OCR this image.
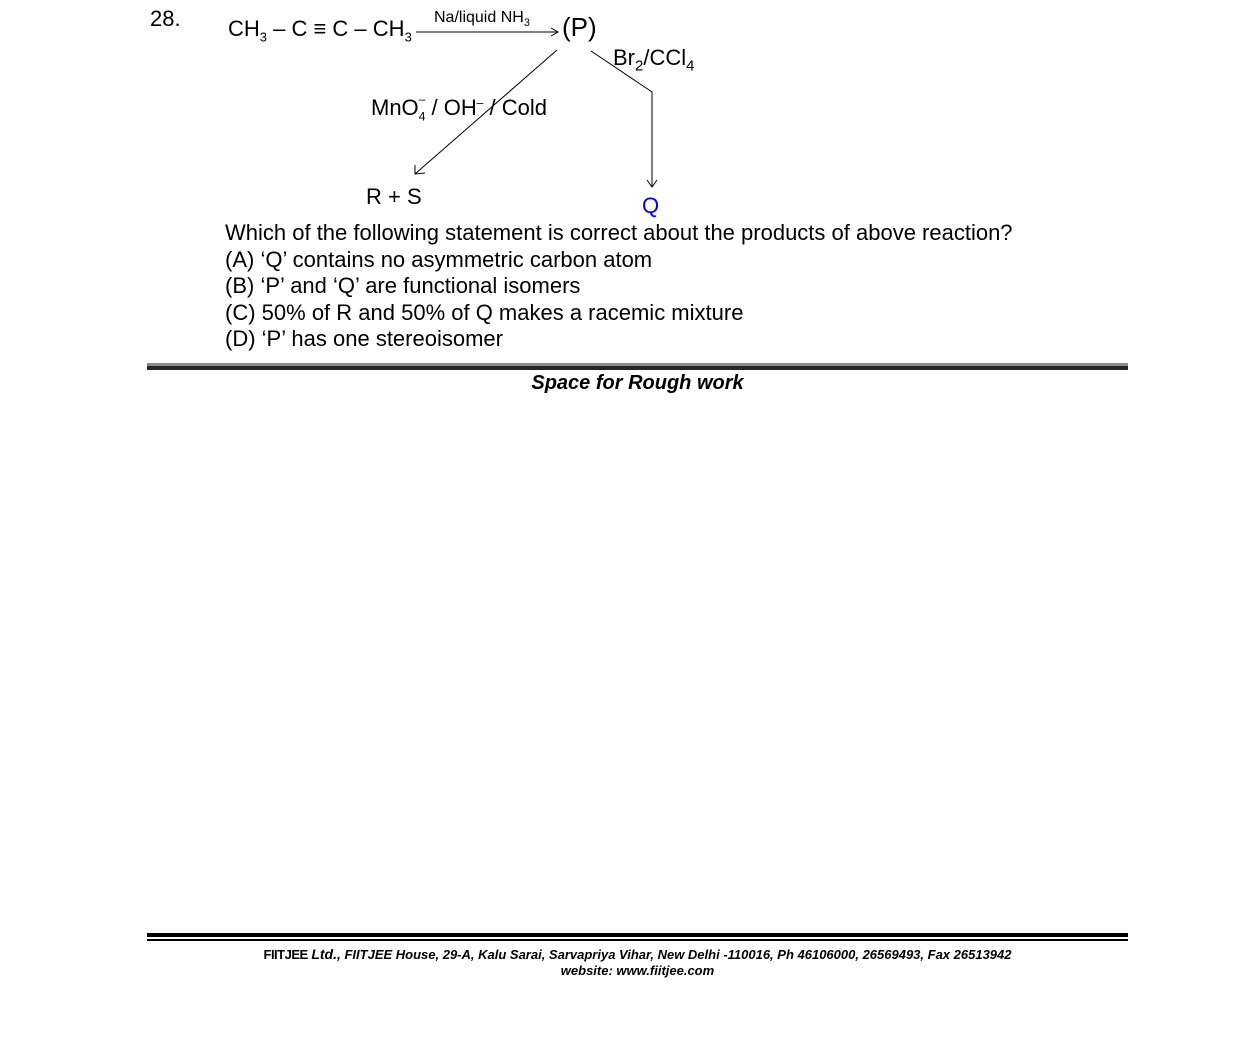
28. $CH_3 - C \equiv C - CH_3$
Na/liquid $NH_3$ (P)
$Br_2/CCl_4$
MnO$_4$
– / OH– / Cold
R + S	Q
Which of the following statement is correct about the products of above reaction?
(A) ‘Q’ contains no asymmetric carbon atom
(B) ‘P’ and ‘Q’ are functional isomers
(C) 50% of R and 50% of Q makes a racemic mixture
(D) ‘P’ has one stereoisomer
Space for Rough work
FIITJEE Ltd., FIITJEE House, 29-A, Kalu Sarai, Sarvapriya Vihar, New Delhi -110016, Ph 46106000, 26569493, Fax 26513942
website: www.fiitjee.com
